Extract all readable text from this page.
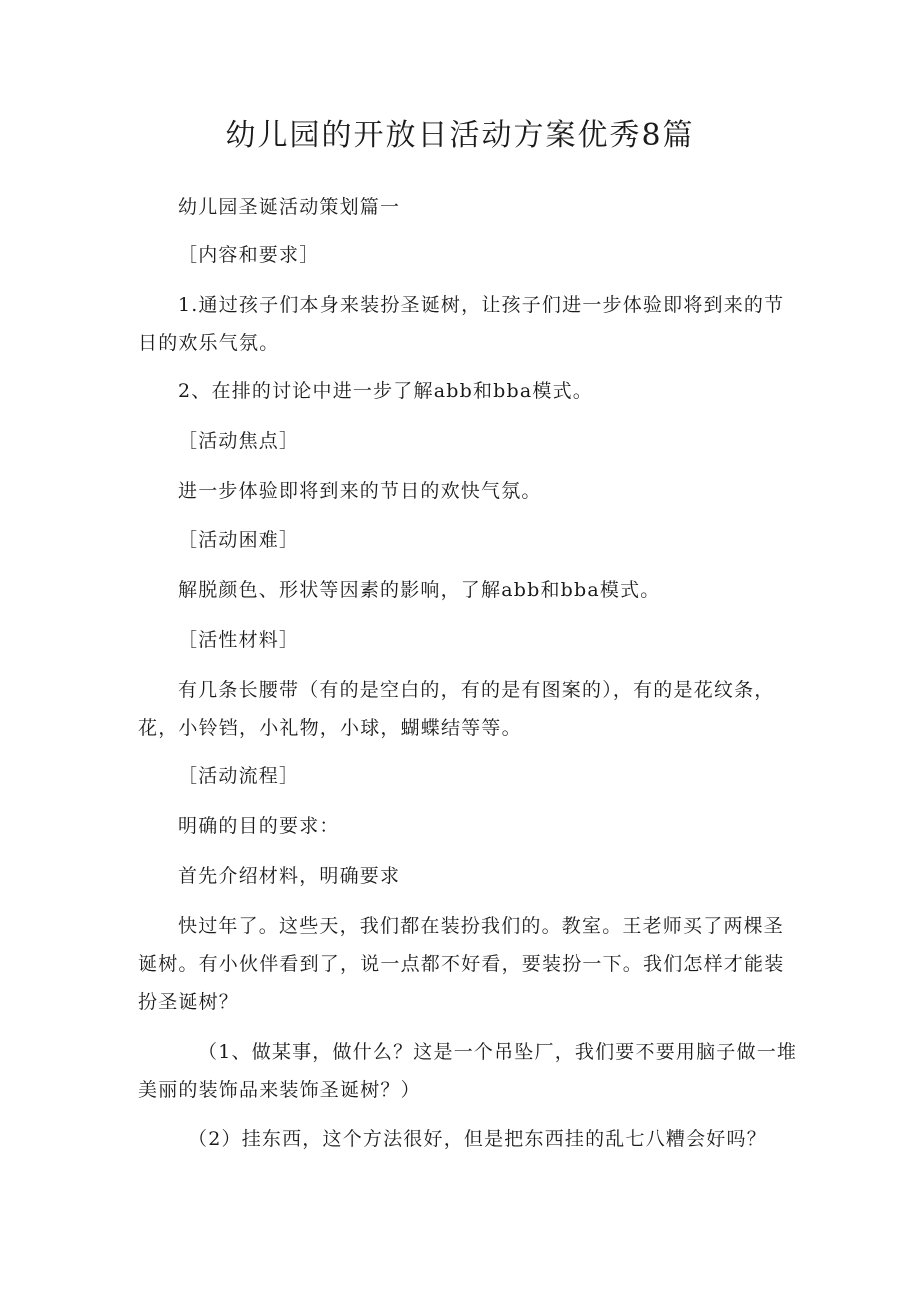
幼儿园的开放日活动方案优秀8篇
幼儿园圣诞活动策划篇一
［内容和要求］
1.通过孩子们本身来装扮圣诞树，让孩子们进一步体验即将到来的节日的欢乐气氛。
2、在排的讨论中进一步了解abb和bba模式。
［活动焦点］
进一步体验即将到来的节日的欢快气氛。
［活动困难］
解脱颜色、形状等因素的影响，了解abb和bba模式。
［活性材料］
有几条长腰带（有的是空白的，有的是有图案的），有的是花纹条，花，小铃铛，小礼物，小球，蝴蝶结等等。
［活动流程］
明确的目的要求：
首先介绍材料，明确要求
快过年了。这些天，我们都在装扮我们的。教室。王老师买了两棵圣诞树。有小伙伴看到了，说一点都不好看，要装扮一下。我们怎样才能装扮圣诞树？
（1、做某事，做什么？这是一个吊坠厂，我们要不要用脑子做一堆美丽的装饰品来装饰圣诞树？）
（2）挂东西，这个方法很好，但是把东西挂的乱七八糟会好吗？
